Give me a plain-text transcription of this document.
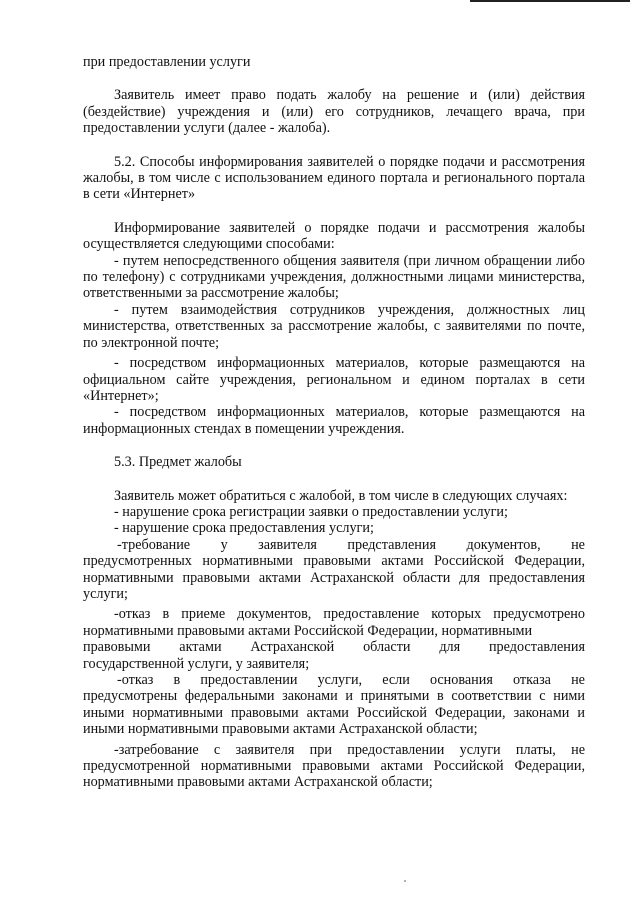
при предоставлении услуги

Заявитель имеет право подать жалобу на решение и (или) действия (бездействие) учреждения и (или) его сотрудников, лечащего врача, при предоставлении услуги (далее - жалоба).

5.2. Способы информирования заявителей о порядке подачи и рассмотрения жалобы, в том числе с использованием единого портала и регионального портала в сети «Интернет»

Информирование заявителей о порядке подачи и рассмотрения жалобы осуществляется следующими способами:

- путем непосредственного общения заявителя (при личном обращении либо по телефону) с сотрудниками учреждения, должностными лицами министерства, ответственными за рассмотрение жалобы;

- путем взаимодействия сотрудников учреждения, должностных лиц министерства, ответственных за рассмотрение жалобы, с заявителями по почте, по электронной почте;

- посредством информационных материалов, которые размещаются на официальном сайте учреждения, региональном и едином порталах в сети «Интернет»;

- посредством информационных материалов, которые размещаются на информационных стендах в помещении учреждения.

5.3. Предмет жалобы

Заявитель может обратиться с жалобой, в том числе в следующих случаях:

- нарушение срока регистрации заявки о предоставлении услуги;

- нарушение срока предоставления услуги;

-требование у заявителя представления документов, не

предусмотренных нормативными правовыми актами Российской Федерации, нормативными правовыми актами Астраханской области для предоставления услуги;

-отказ в приеме документов, предоставление которых предусмотрено нормативными правовыми актами Российской Федерации, нормативными

правовыми актами Астраханской области для предоставления

государственной услуги, у заявителя;

-отказ в предоставлении услуги, если основания отказа не

предусмотрены федеральными законами и принятыми в соответствии с ними иными нормативными правовыми актами Российской Федерации, законами и иными нормативными правовыми актами Астраханской области;

-затребование с заявителя при предоставлении услуги платы, не предусмотренной нормативными правовыми актами Российской Федерации, нормативными правовыми актами Астраханской области;
